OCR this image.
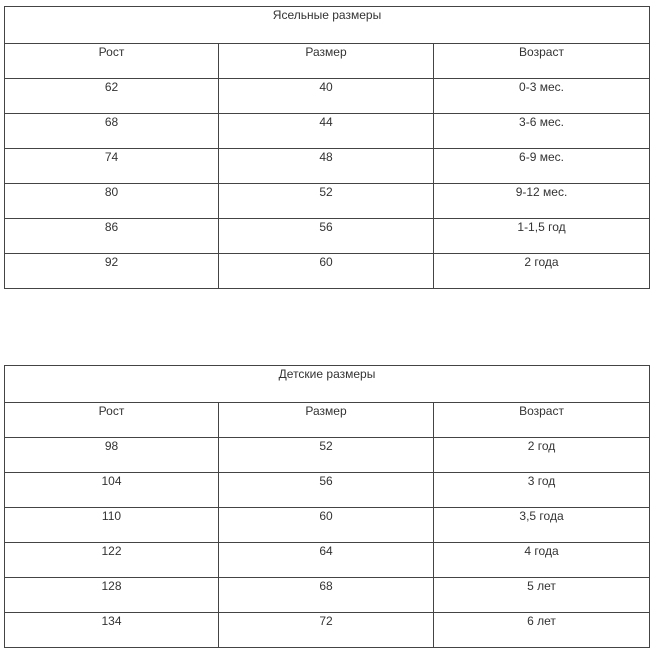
Ясельные размеры		
Рост	Размер	Возраст
62	40	0-3 мес.
68	44	3-6 мес.
74	48	6-9 мес.
80	52	9-12 мес.
86	56	1-1,5 год
92	60	2 года
Детские размеры		
Рост	Размер	Возраст
98	52	2 год
104	56	3 год
110	60	3,5 года
122	64	4 года
128	68	5 лет
134	72	6 лет
